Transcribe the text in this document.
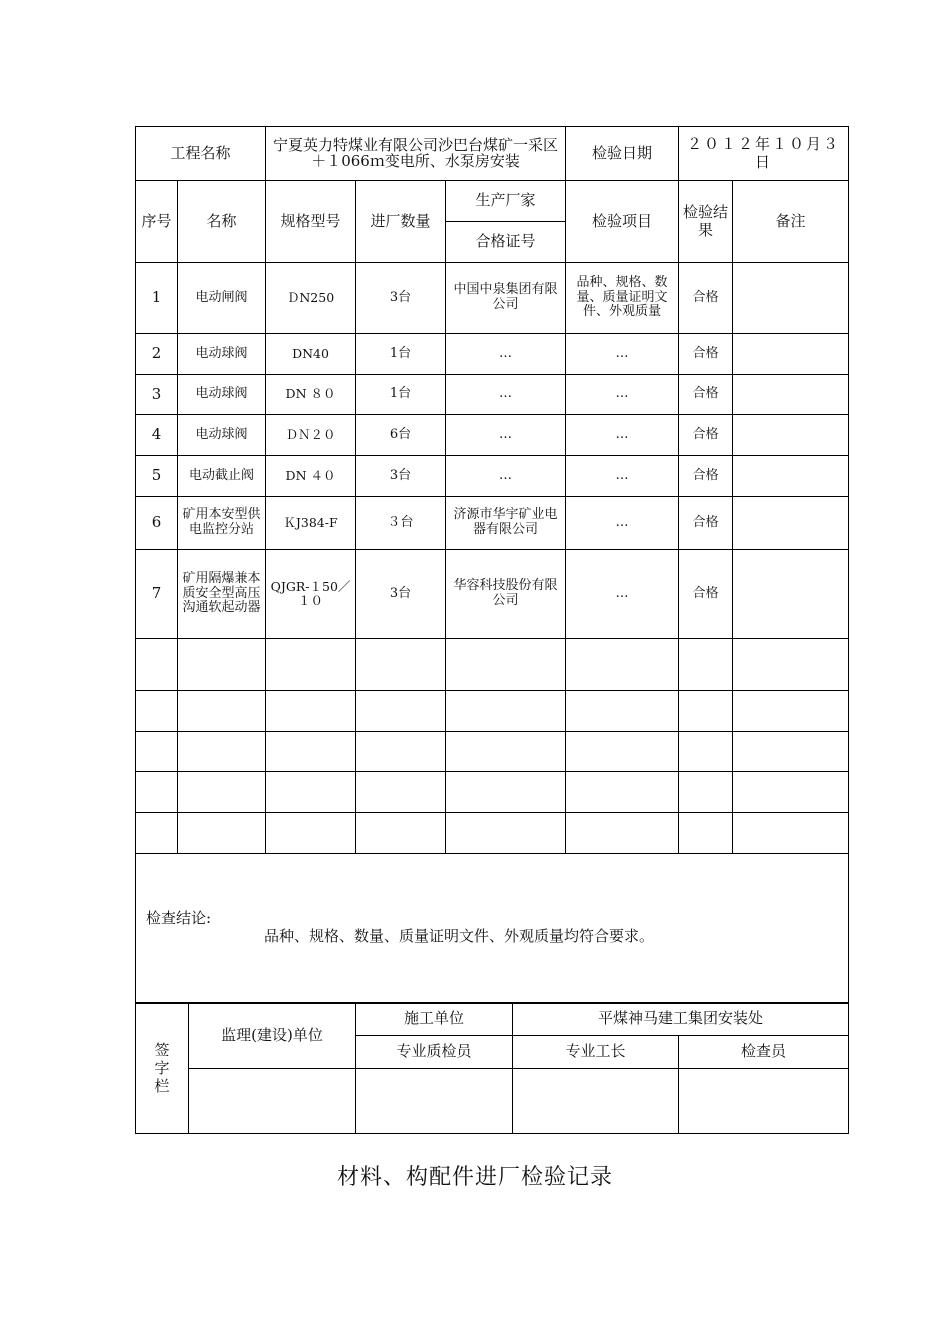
工程名称		宁夏英力特煤业有限公司沙巴台煤矿一采区＋１066ｍ变电所、水泵房安装			检验日期	２０１２年１０月３日	
序号	名称	规格型号	进厂数量	生产厂家	检验项目	检验结果	备注
				合格证号			
1	电动闸阀	ＤN250	3台	中国中泉集团有限公司	品种、规格、数量、质量证明文件、外观质量	合格	
2	电动球阀	DN40	1台	…	…	合格	
3	电动球阀	DN ８０	1台	…	…	合格	
4	电动球阀	ＤＮ２０	6台	…	…	合格	
5	电动截止阀	DN ４０	3台	…	…	合格	
6	矿用本安型供电监控分站	ＫJ384-F	３台	济源市华宇矿业电器有限公司	…	合格	
7	矿用隔爆兼本质安全型高压沟通软起动器	QJGR-１50／１０	3台	华容科技股份有限公司	…	合格	

检查结论:
品种、规格、数量、质量证明文件、外观质量均符合要求。							
签字栏	监理(建设)单位	施工单位	平煤神马建工集团安装处	
		专业质检员	专业工长	检查员

材料、构配件进厂检验记录
